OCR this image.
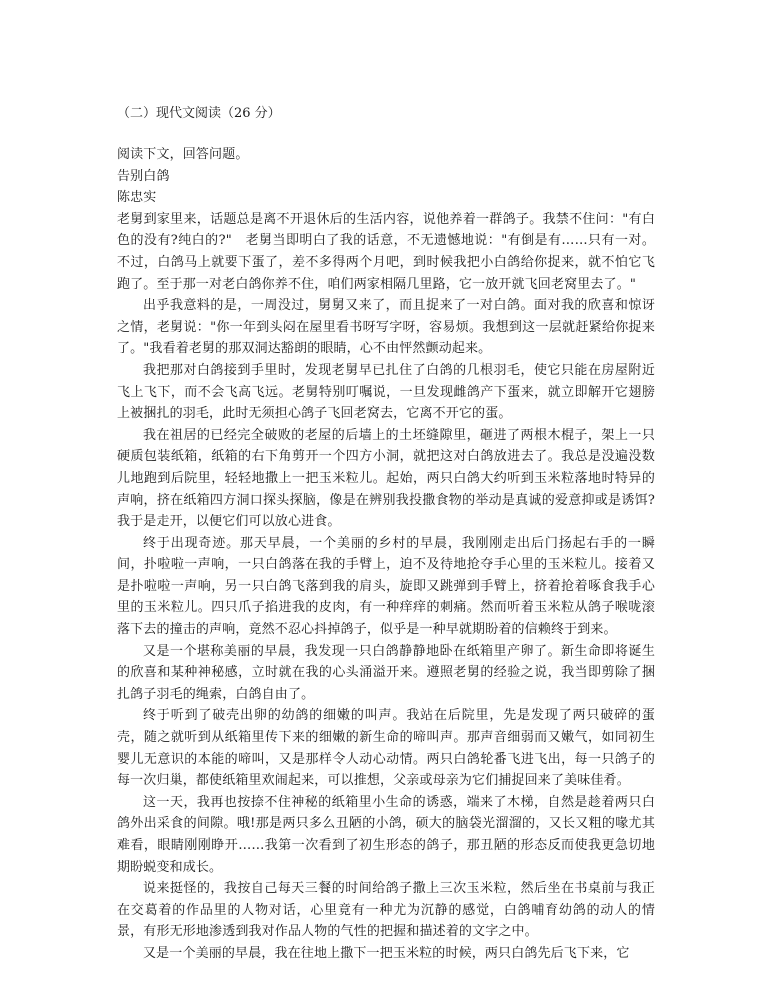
（二）现代文阅读（26 分）

阅读下文，回答问题。

告别白鸽

陈忠实

老舅到家里来，话题总是离不开退休后的生活内容，说他养着一群鸽子。我禁不住问："有白色的没有?纯白的?"　老舅当即明白了我的话意，不无遗憾地说："有倒是有……只有一对。不过，白鸽马上就要下蛋了，差不多得两个月吧，到时候我把小白鸽给你捉来，就不怕它飞跑了。至于那一对老白鸽你养不住，咱们两家相隔几里路，它一放开就飞回老窝里去了。"

出乎我意料的是，一周没过，舅舅又来了，而且捉来了一对白鸽。面对我的欣喜和惊讶之情，老舅说："你一年到头闷在屋里看书呀写字呀，容易烦。我想到这一层就赶紧给你捉来了。"我看着老舅的那双洞达豁朗的眼睛，心不由怦然颤动起来。

我把那对白鸽接到手里时，发现老舅早已扎住了白鸽的几根羽毛，使它只能在房屋附近飞上飞下，而不会飞高飞远。老舅特别叮嘱说，一旦发现雌鸽产下蛋来，就立即解开它翅膀上被捆扎的羽毛，此时无须担心鸽子飞回老窝去，它离不开它的蛋。

我在祖居的已经完全破败的老屋的后墙上的土坯缝隙里，砸进了两根木棍子，架上一只硬质包装纸箱，纸箱的右下角剪开一个四方小洞，就把这对白鸽放进去了。我总是没遍没数儿地跑到后院里，轻轻地撒上一把玉米粒儿。起始，两只白鸽大约听到玉米粒落地时特异的声响，挤在纸箱四方洞口探头探脑，像是在辨别我投撒食物的举动是真诚的爱意抑或是诱饵?我于是走开，以便它们可以放心进食。

终于出现奇迹。那天早晨，一个美丽的乡村的早晨，我刚刚走出后门扬起右手的一瞬间，扑啦啦一声响，一只白鸽落在我的手臂上，迫不及待地抢夺手心里的玉米粒儿。接着又是扑啦啦一声响，另一只白鸽飞落到我的肩头，旋即又跳弹到手臂上，挤着抢着啄食我手心里的玉米粒儿。四只爪子掐进我的皮肉，有一种痒痒的刺痛。然而听着玉米粒从鸽子喉咙滚落下去的撞击的声响，竟然不忍心抖掉鸽子，似乎是一种早就期盼着的信赖终于到来。

又是一个堪称美丽的早晨，我发现一只白鸽静静地卧在纸箱里产卵了。新生命即将诞生的欣喜和某种神秘感，立时就在我的心头涌溢开来。遵照老舅的经验之说，我当即剪除了捆扎鸽子羽毛的绳索，白鸽自由了。

终于听到了破壳出卵的幼鸽的细嫩的叫声。我站在后院里，先是发现了两只破碎的蛋壳，随之就听到从纸箱里传下来的细嫩的新生命的啼叫声。那声音细弱而又嫩气，如同初生婴儿无意识的本能的啼叫，又是那样令人动心动情。两只白鸽轮番飞进飞出，每一只鸽子的每一次归巢，都使纸箱里欢闹起来，可以推想，父亲或母亲为它们捕捉回来了美味佳肴。

这一天，我再也按捺不住神秘的纸箱里小生命的诱惑，端来了木梯，自然是趁着两只白鸽外出采食的间隙。哦!那是两只多么丑陋的小鸽，硕大的脑袋光溜溜的，又长又粗的喙尤其难看，眼睛刚刚睁开……我第一次看到了初生形态的鸽子，那丑陋的形态反而使我更急切地期盼蜕变和成长。

说来挺怪的，我按自己每天三餐的时间给鸽子撒上三次玉米粒，然后坐在书桌前与我正在交葛着的作品里的人物对话，心里竟有一种尤为沉静的感觉，白鸽哺育幼鸽的动人的情景，有形无形地渗透到我对作品人物的气性的把握和描述着的文字之中。

又是一个美丽的早晨，我在往地上撒下一把玉米粒的时候，两只白鸽先后飞下来，它
